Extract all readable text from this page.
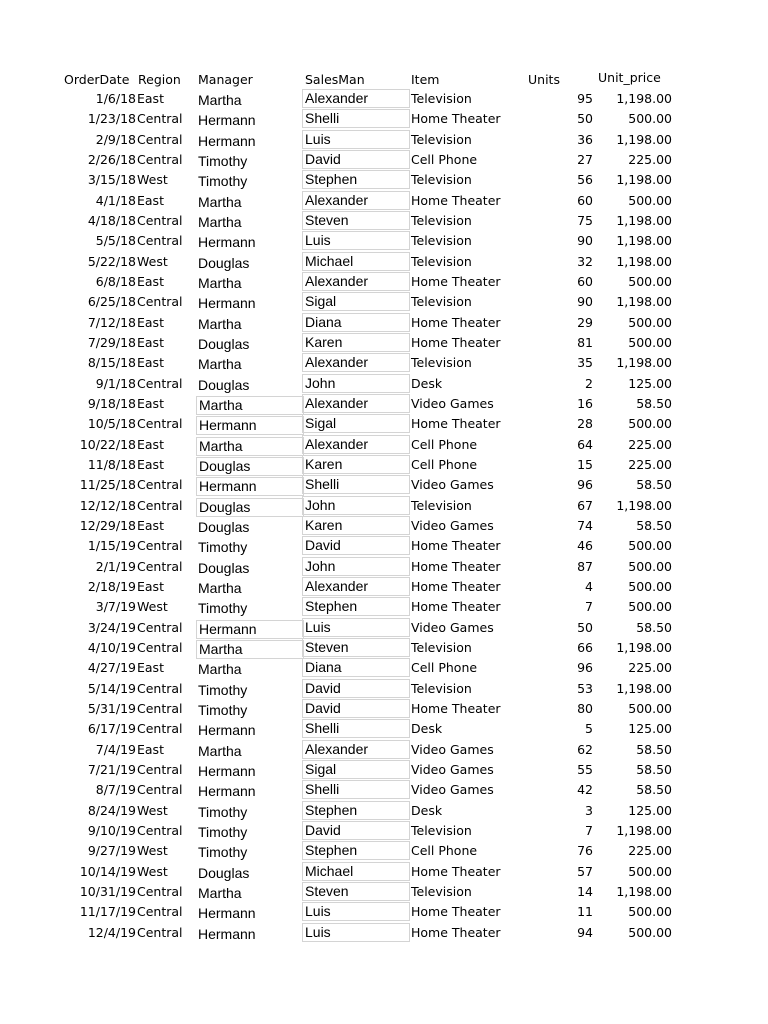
OrderDate Region	Manager	SalesMan	Item	Units	Unit_price
1/6/18 East	Martha	Alexander	Television	95	1,198.00
1/23/18 Central	Hermann	Shelli	Home Theater	50	500.00
2/9/18 Central	Hermann	Luis	Television	36	1,198.00
2/26/18 Central	Timothy	David	Cell Phone	27	225.00
3/15/18 West	Timothy	Stephen	Television	56	1,198.00
4/1/18 East	Martha	Alexander	Home Theater	60	500.00
4/18/18 Central	Martha	Steven	Television	75	1,198.00
5/5/18 Central	Hermann	Luis	Television	90	1,198.00
5/22/18 West	Douglas	Michael	Television	32	1,198.00
6/8/18 East	Martha	Alexander	Home Theater	60	500.00
6/25/18 Central	Hermann	Sigal	Television	90	1,198.00
7/12/18 East	Martha	Diana	Home Theater	29	500.00
7/29/18 East	Douglas	Karen	Home Theater	81	500.00
8/15/18 East	Martha	Alexander	Television	35	1,198.00
9/1/18 Central	Douglas	John	Desk	2	125.00
9/18/18 East	Martha	Alexander	Video Games	16	58.50
10/5/18 Central	Hermann	Sigal	Home Theater	28	500.00
10/22/18 East	Martha	Alexander	Cell Phone	64	225.00
11/8/18 East	Douglas	Karen	Cell Phone	15	225.00
11/25/18 Central	Hermann	Shelli	Video Games	96	58.50
12/12/18 Central	Douglas	John	Television	67	1,198.00
12/29/18 East	Douglas	Karen	Video Games	74	58.50
1/15/19 Central	Timothy	David	Home Theater	46	500.00
2/1/19 Central	Douglas	John	Home Theater	87	500.00
2/18/19 East	Martha	Alexander	Home Theater	4	500.00
3/7/19 West	Timothy	Stephen	Home Theater	7	500.00
3/24/19 Central	Hermann	Luis	Video Games	50	58.50
4/10/19 Central	Martha	Steven	Television	66	1,198.00
4/27/19 East	Martha	Diana	Cell Phone	96	225.00
5/14/19 Central	Timothy	David	Television	53	1,198.00
5/31/19 Central	Timothy	David	Home Theater	80	500.00
6/17/19 Central	Hermann	Shelli	Desk	5	125.00
7/4/19 East	Martha	Alexander	Video Games	62	58.50
7/21/19 Central	Hermann	Sigal	Video Games	55	58.50
8/7/19 Central	Hermann	Shelli	Video Games	42	58.50
8/24/19 West	Timothy	Stephen	Desk	3	125.00
9/10/19 Central	Timothy	David	Television	7	1,198.00
9/27/19 West	Timothy	Stephen	Cell Phone	76	225.00
10/14/19 West	Douglas	Michael	Home Theater	57	500.00
10/31/19 Central	Martha	Steven	Television	14	1,198.00
11/17/19 Central	Hermann	Luis	Home Theater	11	500.00
12/4/19 Central	Hermann	Luis	Home Theater	94	500.00
